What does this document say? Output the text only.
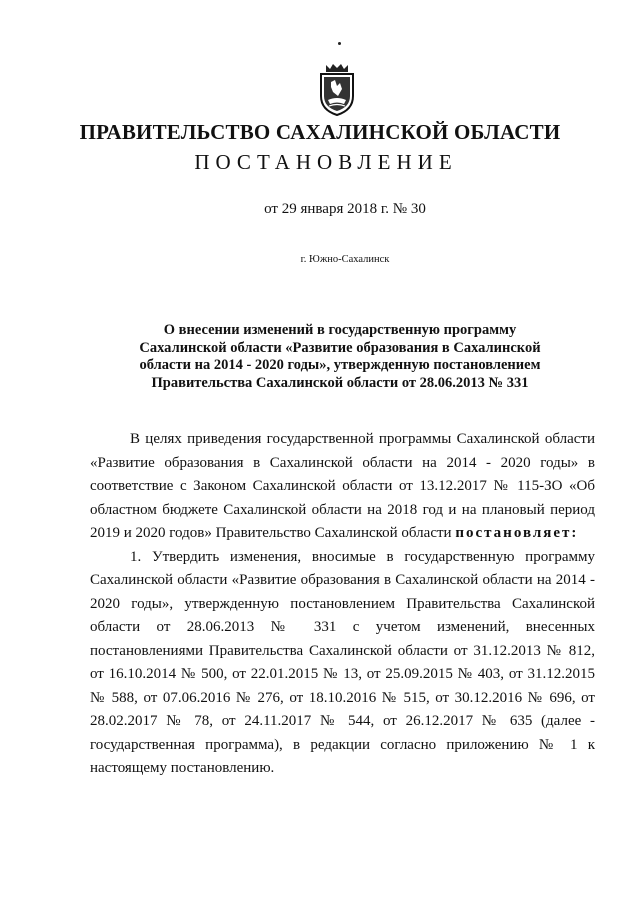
ПРАВИТЕЛЬСТВО САХАЛИНСКОЙ ОБЛАСТИ
ПОСТАНОВЛЕНИЕ
от 29 января 2018 г. № 30
г. Южно-Сахалинск
О внесении изменений в государственную программу
Сахалинской области «Развитие образования в Сахалинской
области на 2014 - 2020 годы», утвержденную постановлением
Правительства Сахалинской области от 28.06.2013 № 331

В целях приведения государственной программы Сахалинской области «Развитие образования в Сахалинской области на 2014 - 2020 годы» в соответствие с Законом Сахалинской области от 13.12.2017 № 115-ЗО «Об областном бюджете Сахалинской области на 2018 год и на плановый период 2019 и 2020 годов» Правительство Сахалинской области постановляет:

1. Утвердить изменения, вносимые в государственную программу Сахалинской области «Развитие образования в Сахалинской области на 2014 - 2020 годы», утвержденную постановлением Правительства Сахалинской области от 28.06.2013 № 331 с учетом изменений, внесенных постановлениями Правительства Сахалинской области от 31.12.2013 № 812, от 16.10.2014 № 500, от 22.01.2015 № 13, от 25.09.2015 № 403, от 31.12.2015 № 588, от 07.06.2016 № 276, от 18.10.2016 № 515, от 30.12.2016 № 696, от 28.02.2017 № 78, от 24.11.2017 № 544, от 26.12.2017 № 635 (далее - государственная программа), в редакции согласно приложению № 1 к настоящему постановлению.
